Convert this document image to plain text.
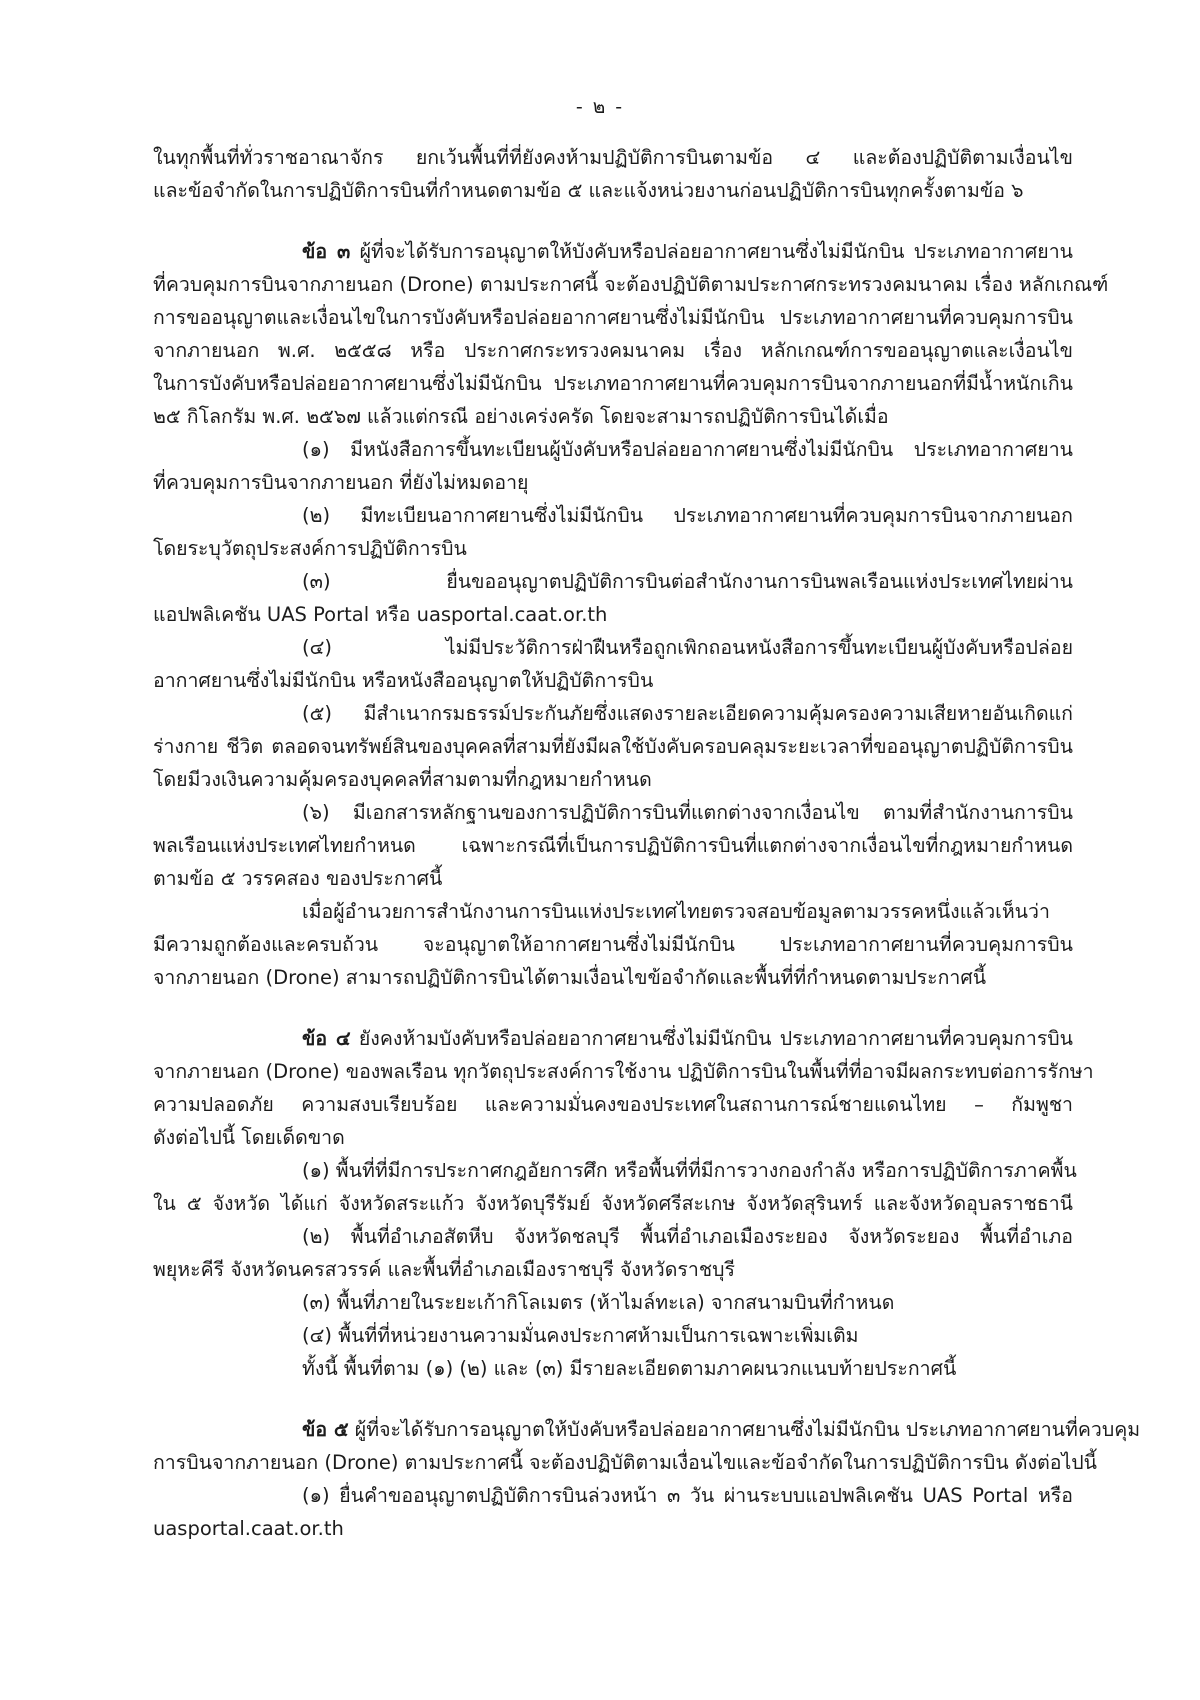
- ๒ -
ในทุกพื้นที่ทั่วราชอาณาจักร ยกเว้นพื้นที่ที่ยังคงห้ามปฏิบัติการบินตามข้อ ๔ และต้องปฏิบัติตามเงื่อนไข
และข้อจำกัดในการปฏิบัติการบินที่กำหนดตามข้อ ๕ และแจ้งหน่วยงานก่อนปฏิบัติการบินทุกครั้งตามข้อ ๖
ข้อ ๓ ผู้ที่จะได้รับการอนุญาตให้บังคับหรือปล่อยอากาศยานซึ่งไม่มีนักบิน ประเภทอากาศยาน
ที่ควบคุมการบินจากภายนอก (Drone) ตามประกาศนี้ จะต้องปฏิบัติตามประกาศกระทรวงคมนาคม เรื่อง หลักเกณฑ์
การขออนุญาตและเงื่อนไขในการบังคับหรือปล่อยอากาศยานซึ่งไม่มีนักบิน ประเภทอากาศยานที่ควบคุมการบิน
จากภายนอก พ.ศ. ๒๕๕๘ หรือ ประกาศกระทรวงคมนาคม เรื่อง หลักเกณฑ์การขออนุญาตและเงื่อนไข
ในการบังคับหรือปล่อยอากาศยานซึ่งไม่มีนักบิน ประเภทอากาศยานที่ควบคุมการบินจากภายนอกที่มีน้ำหนักเกิน
๒๕ กิโลกรัม พ.ศ. ๒๕๖๗ แล้วแต่กรณี อย่างเคร่งครัด โดยจะสามารถปฏิบัติการบินได้เมื่อ
(๑) มีหนังสือการขึ้นทะเบียนผู้บังคับหรือปล่อยอากาศยานซึ่งไม่มีนักบิน ประเภทอากาศยาน
ที่ควบคุมการบินจากภายนอก ที่ยังไม่หมดอายุ
(๒) มีทะเบียนอากาศยานซึ่งไม่มีนักบิน ประเภทอากาศยานที่ควบคุมการบินจากภายนอก
โดยระบุวัตถุประสงค์การปฏิบัติการบิน
(๓) ยื่นขออนุญาตปฏิบัติการบินต่อสำนักงานการบินพลเรือนแห่งประเทศไทยผ่าน
แอปพลิเคชัน UAS Portal หรือ uasportal.caat.or.th
(๔) ไม่มีประวัติการฝ่าฝืนหรือถูกเพิกถอนหนังสือการขึ้นทะเบียนผู้บังคับหรือปล่อย
อากาศยานซึ่งไม่มีนักบิน หรือหนังสืออนุญาตให้ปฏิบัติการบิน
(๕) มีสำเนากรมธรรม์ประกันภัยซึ่งแสดงรายละเอียดความคุ้มครองความเสียหายอันเกิดแก่
ร่างกาย ชีวิต ตลอดจนทรัพย์สินของบุคคลที่สามที่ยังมีผลใช้บังคับครอบคลุมระยะเวลาที่ขออนุญาตปฏิบัติการบิน
โดยมีวงเงินความคุ้มครองบุคคลที่สามตามที่กฎหมายกำหนด
(๖) มีเอกสารหลักฐานของการปฏิบัติการบินที่แตกต่างจากเงื่อนไข ตามที่สำนักงานการบิน
พลเรือนแห่งประเทศไทยกำหนด เฉพาะกรณีที่เป็นการปฏิบัติการบินที่แตกต่างจากเงื่อนไขที่กฎหมายกำหนด
ตามข้อ ๕ วรรคสอง ของประกาศนี้
เมื่อผู้อำนวยการสำนักงานการบินแห่งประเทศไทยตรวจสอบข้อมูลตามวรรคหนึ่งแล้วเห็นว่า
มีความถูกต้องและครบถ้วน จะอนุญาตให้อากาศยานซึ่งไม่มีนักบิน ประเภทอากาศยานที่ควบคุมการบิน
จากภายนอก (Drone) สามารถปฏิบัติการบินได้ตามเงื่อนไขข้อจำกัดและพื้นที่ที่กำหนดตามประกาศนี้
ข้อ ๔ ยังคงห้ามบังคับหรือปล่อยอากาศยานซึ่งไม่มีนักบิน ประเภทอากาศยานที่ควบคุมการบิน
จากภายนอก (Drone) ของพลเรือน ทุกวัตถุประสงค์การใช้งาน ปฏิบัติการบินในพื้นที่ที่อาจมีผลกระทบต่อการรักษา
ความปลอดภัย ความสงบเรียบร้อย และความมั่นคงของประเทศในสถานการณ์ชายแดนไทย – กัมพูชา
ดังต่อไปนี้ โดยเด็ดขาด
(๑) พื้นที่ที่มีการประกาศกฎอัยการศึก หรือพื้นที่ที่มีการวางกองกำลัง หรือการปฏิบัติการภาคพื้น
ใน ๕ จังหวัด ได้แก่ จังหวัดสระแก้ว จังหวัดบุรีรัมย์ จังหวัดศรีสะเกษ จังหวัดสุรินทร์ และจังหวัดอุบลราชธานี
(๒) พื้นที่อำเภอสัตหีบ จังหวัดชลบุรี พื้นที่อำเภอเมืองระยอง จังหวัดระยอง พื้นที่อำเภอ
พยุหะคีรี จังหวัดนครสวรรค์ และพื้นที่อำเภอเมืองราชบุรี จังหวัดราชบุรี
(๓) พื้นที่ภายในระยะเก้ากิโลเมตร (ห้าไมล์ทะเล) จากสนามบินที่กำหนด
(๔) พื้นที่ที่หน่วยงานความมั่นคงประกาศห้ามเป็นการเฉพาะเพิ่มเติม
ทั้งนี้ พื้นที่ตาม (๑) (๒) และ (๓) มีรายละเอียดตามภาคผนวกแนบท้ายประกาศนี้
ข้อ ๕ ผู้ที่จะได้รับการอนุญาตให้บังคับหรือปล่อยอากาศยานซึ่งไม่มีนักบิน ประเภทอากาศยานที่ควบคุม
การบินจากภายนอก (Drone) ตามประกาศนี้ จะต้องปฏิบัติตามเงื่อนไขและข้อจำกัดในการปฏิบัติการบิน ดังต่อไปนี้
(๑) ยื่นคำขออนุญาตปฏิบัติการบินล่วงหน้า ๓ วัน ผ่านระบบแอปพลิเคชัน UAS Portal หรือ
uasportal.caat.or.th
